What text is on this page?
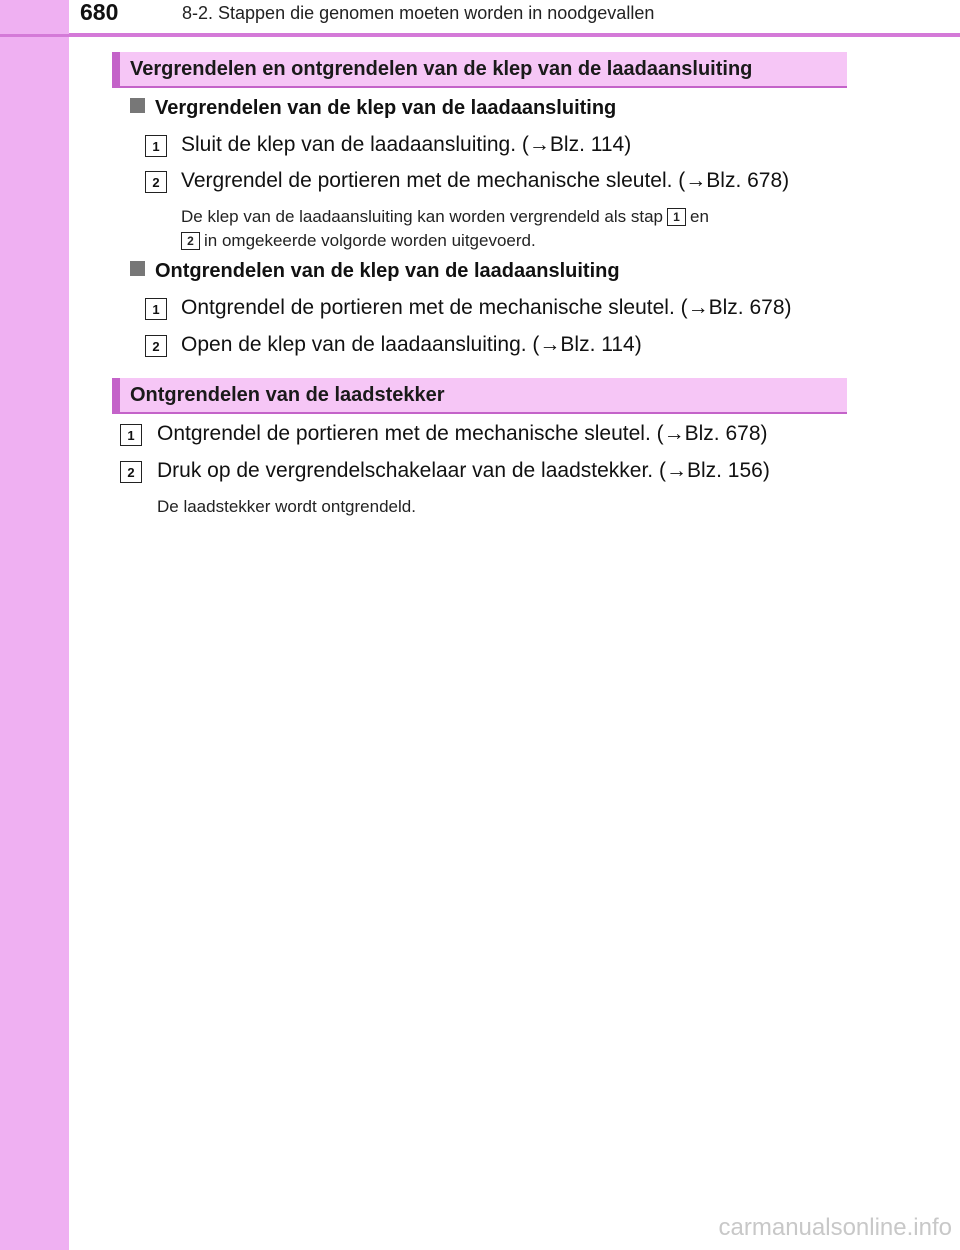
680	8-2. Stappen die genomen moeten worden in noodgevallen
Vergrendelen en ontgrendelen van de klep van de laadaansluiting
Vergrendelen van de klep van de laadaansluiting
1	Sluit de klep van de laadaansluiting. (→Blz. 114)
2	Vergrendel de portieren met de mechanische sleutel. (→Blz. 678)
De klep van de laadaansluiting kan worden vergrendeld als stap 1 en
2 in omgekeerde volgorde worden uitgevoerd.
Ontgrendelen van de klep van de laadaansluiting
1	Ontgrendel de portieren met de mechanische sleutel. (→Blz. 678)
2	Open de klep van de laadaansluiting. (→Blz. 114)
Ontgrendelen van de laadstekker
1	Ontgrendel de portieren met de mechanische sleutel. (→Blz. 678)
2	Druk op de vergrendelschakelaar van de laadstekker. (→Blz. 156)
De laadstekker wordt ontgrendeld.
carmanualsonline.info
